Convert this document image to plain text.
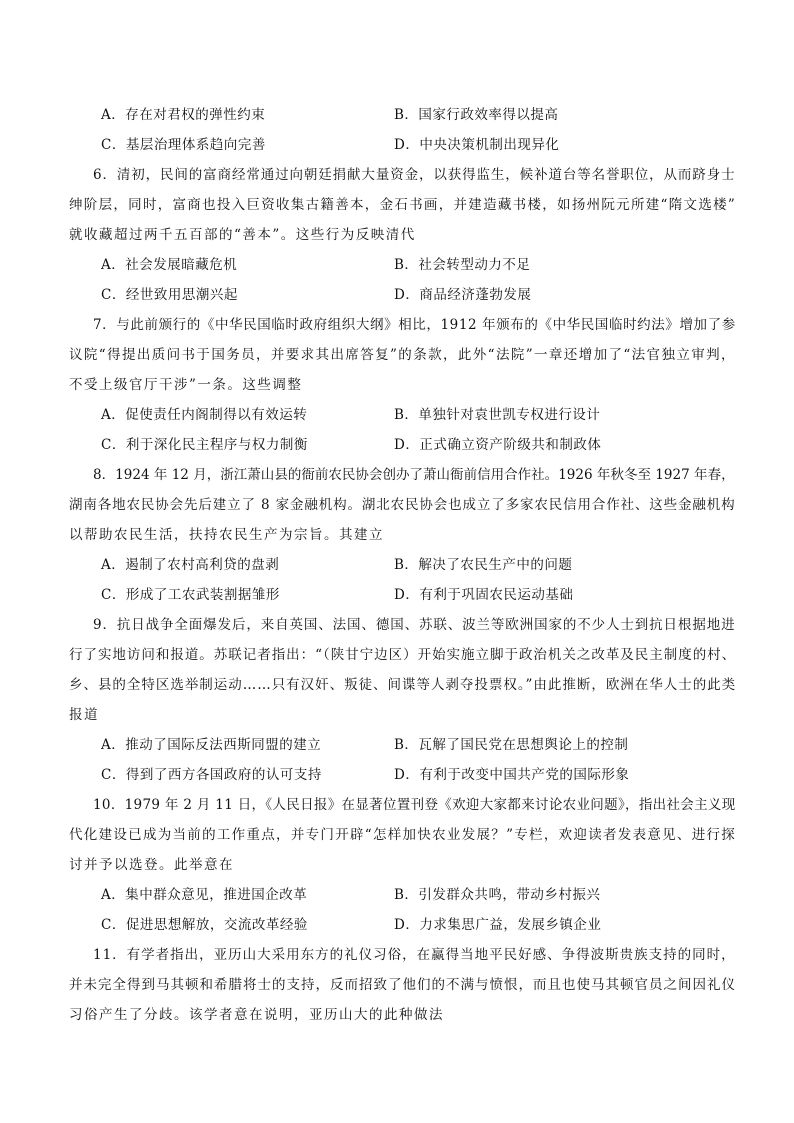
A．存在对君权的弹性约束	B．国家行政效率得以提高
C．基层治理体系趋向完善	D．中央决策机制出现异化
6．清初，民间的富商经常通过向朝廷捐献大量资金，以获得监生，候补道台等名誉职位，从而跻身士
绅阶层，同时，富商也投入巨资收集古籍善本，金石书画，并建造藏书楼，如扬州阮元所建“隋文选楼”
就收藏超过两千五百部的“善本”。这些行为反映清代
A．社会发展暗藏危机	B．社会转型动力不足
C．经世致用思潮兴起	D．商品经济蓬勃发展
7．与此前颁行的《中华民国临时政府组织大纲》相比，1912 年颁布的《中华民国临时约法》增加了参
议院“得提出质问书于国务员，并要求其出席答复”的条款，此外“法院”一章还增加了“法官独立审判，
不受上级官厅干涉”一条。这些调整
A．促使责任内阁制得以有效运转	B．单独针对袁世凯专权进行设计
C．利于深化民主程序与权力制衡	D．正式确立资产阶级共和制政体
8．1924 年 12 月，浙江萧山县的衙前农民协会创办了萧山衙前信用合作社。1926 年秋冬至 1927 年春，
湖南各地农民协会先后建立了 8 家金融机构。湖北农民协会也成立了多家农民信用合作社、这些金融机构
以帮助农民生活，扶持农民生产为宗旨。其建立
A．遏制了农村高利贷的盘剥	B．解决了农民生产中的问题
C．形成了工农武装割据雏形	D．有利于巩固农民运动基础
9．抗日战争全面爆发后，来自英国、法国、德国、苏联、波兰等欧洲国家的不少人士到抗日根据地进
行了实地访问和报道。苏联记者指出：“（陕甘宁边区）开始实施立脚于政治机关之改革及民主制度的村、
乡、县的全特区选举制运动……只有汉奸、叛徒、间谍等人剥夺投票权。”由此推断，欧洲在华人士的此类
报道
A．推动了国际反法西斯同盟的建立	B．瓦解了国民党在思想舆论上的控制
C．得到了西方各国政府的认可支持	D．有利于改变中国共产党的国际形象
10．1979 年 2 月 11 日，《人民日报》在显著位置刊登《欢迎大家都来讨论农业问题》，指出社会主义现
代化建设已成为当前的工作重点，并专门开辟“怎样加快农业发展？”专栏，欢迎读者发表意见、进行探
讨并予以选登。此举意在
A．集中群众意见，推进国企改革	B．引发群众共鸣，带动乡村振兴
C．促进思想解放，交流改革经验	D．力求集思广益，发展乡镇企业
11．有学者指出，亚历山大采用东方的礼仪习俗，在赢得当地平民好感、争得波斯贵族支持的同时，
并未完全得到马其顿和希腊将士的支持，反而招致了他们的不满与愤恨，而且也使马其顿官员之间因礼仪
习俗产生了分歧。该学者意在说明，亚历山大的此种做法
